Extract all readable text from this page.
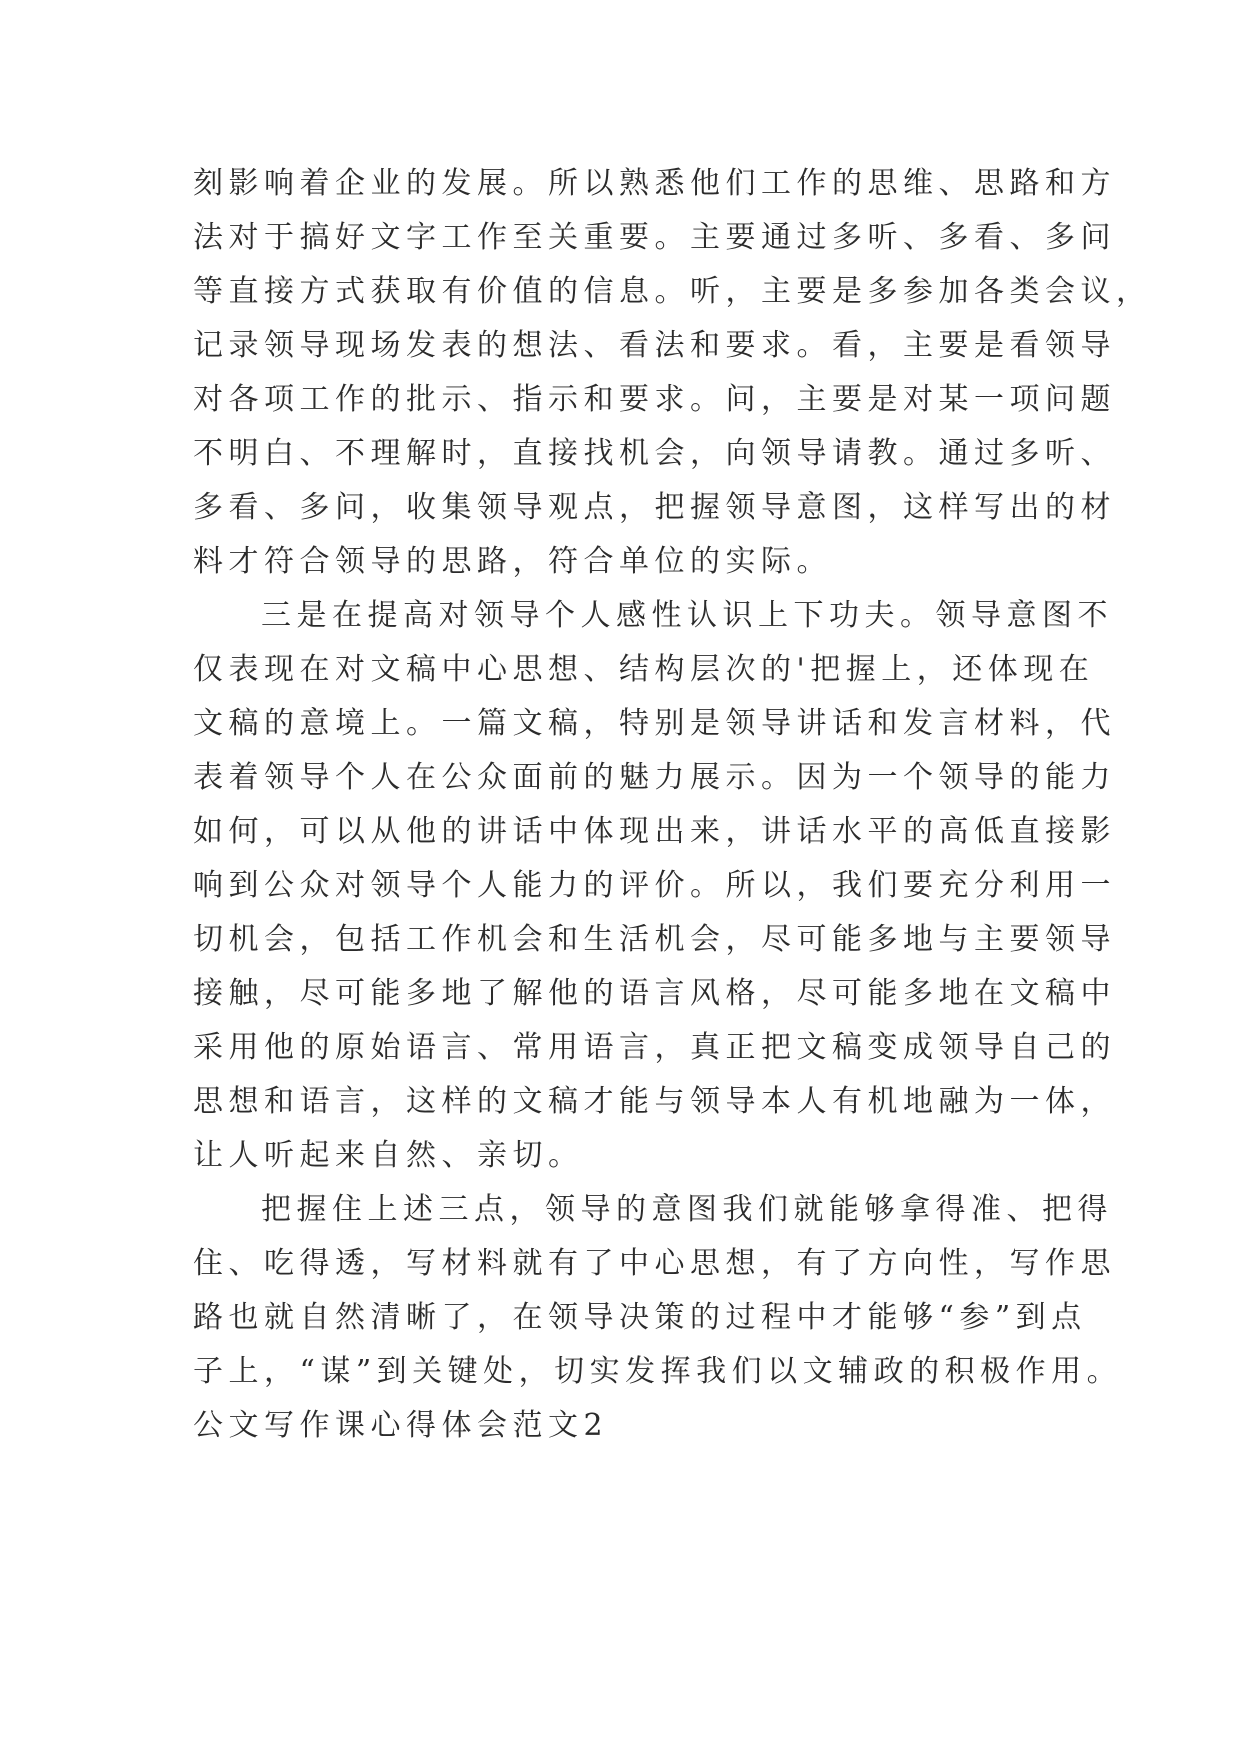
刻影响着企业的发展。所以熟悉他们工作的思维、思路和方
法对于搞好文字工作至关重要。主要通过多听、多看、多问
等直接方式获取有价值的信息。听，主要是多参加各类会议，
记录领导现场发表的想法、看法和要求。看，主要是看领导
对各项工作的批示、指示和要求。问，主要是对某一项问题
不明白、不理解时，直接找机会，向领导请教。通过多听、
多看、多问，收集领导观点，把握领导意图，这样写出的材
料才符合领导的思路，符合单位的实际。
三是在提高对领导个人感性认识上下功夫。领导意图不
仅表现在对文稿中心思想、结构层次的'把握上，还体现在
文稿的意境上。一篇文稿，特别是领导讲话和发言材料，代
表着领导个人在公众面前的魅力展示。因为一个领导的能力
如何，可以从他的讲话中体现出来，讲话水平的高低直接影
响到公众对领导个人能力的评价。所以，我们要充分利用一
切机会，包括工作机会和生活机会，尽可能多地与主要领导
接触，尽可能多地了解他的语言风格，尽可能多地在文稿中
采用他的原始语言、常用语言，真正把文稿变成领导自己的
思想和语言，这样的文稿才能与领导本人有机地融为一体，
让人听起来自然、亲切。
把握住上述三点，领导的意图我们就能够拿得准、把得
住、吃得透，写材料就有了中心思想，有了方向性，写作思
路也就自然清晰了，在领导决策的过程中才能够“参”到点
子上，“谋”到关键处，切实发挥我们以文辅政的积极作用。
公文写作课心得体会范文2
